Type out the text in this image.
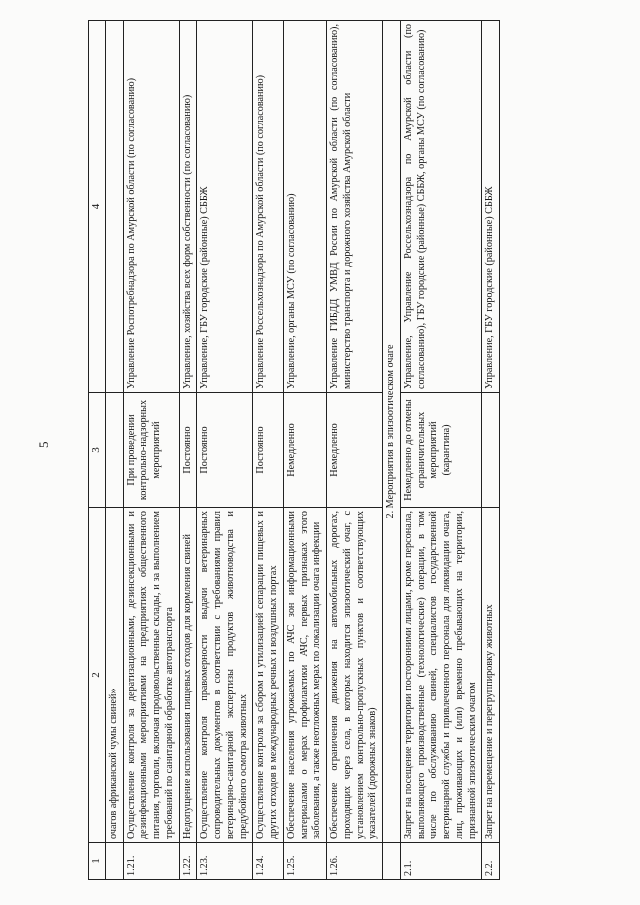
5
1	2	3	4
	очагов африканской чумы свиней»		
1.21.	Осуществление контроля за дератизационными, дезинсекционными и дезинфекционными мероприятиями на предприятиях общественного питания, торговли, включая продовольственные склады, и за выполнением требований по санитарной обработке автотранспорта	При проведении контрольно-надзорных мероприятий	Управление Роспотребнадзора по Амурской области (по согласованию)
1.22.	Недопущение использования пищевых отходов для кормления свиней	Постоянно	Управление, хозяйства всех форм собственности (по согласованию)
1.23.	Осуществление контроля правомерности выдачи ветеринарных сопроводительных документов в соответствии с требованиями правил ветеринарно-санитарной экспертизы продуктов животноводства и предубойного осмотра животных	Постоянно	Управление, ГБУ городские (районные) СББЖ
1.24.	Осуществление контроля за сбором и утилизацией сепарации пищевых и других отходов в международных речных и воздушных портах	Постоянно	Управление Россельхознадзора по Амурской области (по согласованию)
1.25.	Обеспечение населения угрожаемых по АЧС зон информационными материалами о мерах профилактики АЧС, первых признаках этого заболевания, а также неотложных мерах по локализации очага инфекции	Немедленно	Управление, органы МСУ (по согласованию)
1.26.	Обеспечение ограничения движения на автомобильных дорогах, проходящих через села, в которых находится эпизоотический очаг, с установлением контрольно-пропускных пунктов и соответствующих указателей (дорожных знаков)	Немедленно	Управление ГИБДД УМВД России по Амурской области (по согласованию), министерство транспорта и дорожного хозяйства Амурской области
	2. Мероприятия в эпизоотическом очаге		
2.1.	Запрет на посещение территории посторонними лицами, кроме персонала, выполняющего производственные (технологические) операции, в том числе по обслуживанию свиней, специалистов государственной ветеринарной службы и привлеченного персонала для ликвидации очага, лиц, проживающих и (или) временно пребывающих на территории, признанной эпизоотическим очагом	Немедленно до отмены ограничительных мероприятий (карантина)	Управление, Управление Россельхознадзора по Амурской области (по согласованию), ГБУ городские (районные) СББЖ, органы МСУ (по согласованию)
2.2.	Запрет на перемещение и перегруппировку животных		Управление, ГБУ городские (районные) СББЖ
